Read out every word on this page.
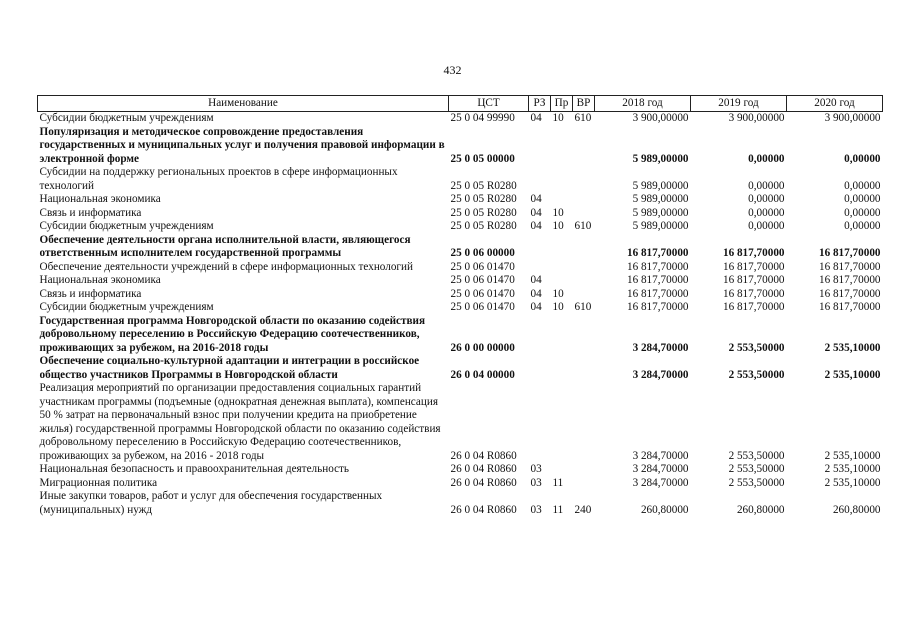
432
Наименование	ЦСТ	РЗ	Пр	ВР	2018 год	2019 год	2020 год
Субсидии бюджетным учреждениям	25 0 04 99990	04	10	610	3 900,00000	3 900,00000	3 900,00000
Популяризация и методическое сопровождение предоставления государственных и муниципальных услуг и получения правовой информации в электронной форме	25 0 05 00000				5 989,00000	0,00000	0,00000
Субсидии на поддержку региональных проектов в сфере информационных технологий	25 0 05 R0280				5 989,00000	0,00000	0,00000
Национальная экономика	25 0 05 R0280	04			5 989,00000	0,00000	0,00000
Связь и информатика	25 0 05 R0280	04	10		5 989,00000	0,00000	0,00000
Субсидии бюджетным учреждениям	25 0 05 R0280	04	10	610	5 989,00000	0,00000	0,00000
Обеспечение деятельности органа исполнительной власти, являющегося ответственным исполнителем государственной программы	25 0 06 00000				16 817,70000	16 817,70000	16 817,70000
Обеспечение деятельности учреждений в сфере информационных технологий	25 0 06 01470				16 817,70000	16 817,70000	16 817,70000
Национальная экономика	25 0 06 01470	04			16 817,70000	16 817,70000	16 817,70000
Связь и информатика	25 0 06 01470	04	10		16 817,70000	16 817,70000	16 817,70000
Субсидии бюджетным учреждениям	25 0 06 01470	04	10	610	16 817,70000	16 817,70000	16 817,70000
Государственная программа Новгородской области по оказанию содействия добровольному переселению в Российскую Федерацию соотечественников, проживающих за рубежом, на 2016-2018 годы	26 0 00 00000				3 284,70000	2 553,50000	2 535,10000
Обеспечение социально-культурной адаптации и интеграции в российское общество участников Программы в Новгородской области	26 0 04 00000				3 284,70000	2 553,50000	2 535,10000
Реализация мероприятий по организации предоставления социальных гарантий участникам программы (подъемные (однократная денежная выплата), компенсация 50 % затрат на первоначальный взнос при получении кредита на приобретение жилья) государственной программы Новгородской области по оказанию содействия добровольному переселению в Российскую Федерацию соотечественников, проживающих за рубежом, на 2016 - 2018 годы	26 0 04 R0860				3 284,70000	2 553,50000	2 535,10000
Национальная безопасность и правоохранительная деятельность	26 0 04 R0860	03			3 284,70000	2 553,50000	2 535,10000
Миграционная политика	26 0 04 R0860	03	11		3 284,70000	2 553,50000	2 535,10000
Иные закупки товаров, работ и услуг для обеспечения государственных (муниципальных) нужд	26 0 04 R0860	03	11	240	260,80000	260,80000	260,80000
